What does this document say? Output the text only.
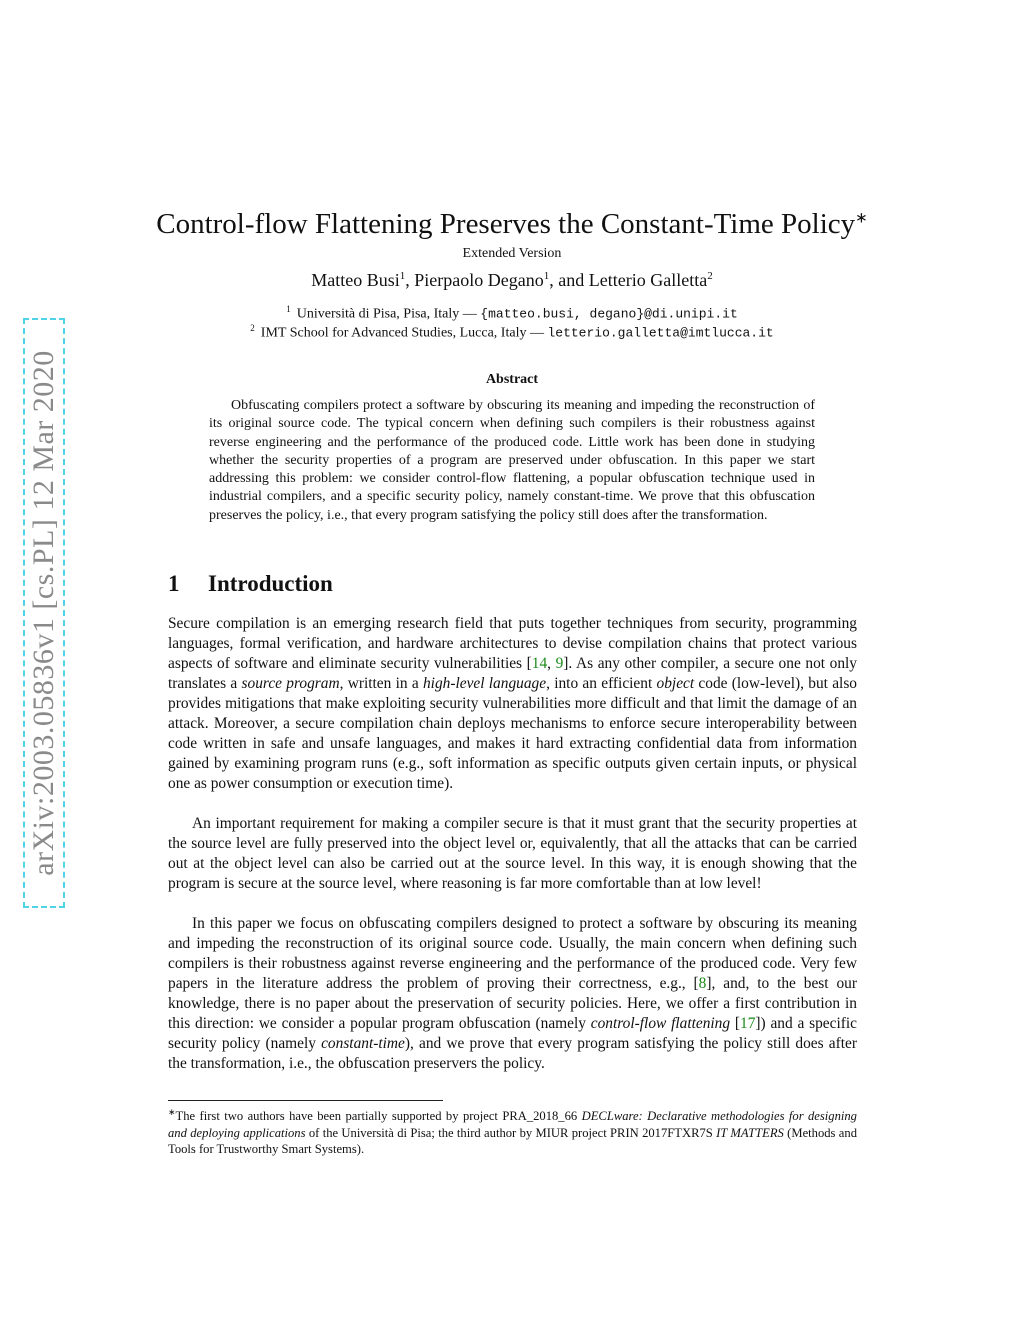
arXiv:2003.05836v1 [cs.PL] 12 Mar 2020
Control-flow Flattening Preserves the Constant-Time Policy∗
Extended Version
Matteo Busi$^1$, Pierpaolo Degano$^1$, and Letterio Galletta$^2$
$^1$ Università di Pisa, Pisa, Italy — {matteo.busi, degano}@di.unipi.it
$^2$ IMT School for Advanced Studies, Lucca, Italy — letterio.galletta@imtlucca.it
Abstract
Obfuscating compilers protect a software by obscuring its meaning and impeding the reconstruction of its original source code. The typical concern when defining such compilers is their robustness against reverse engineering and the performance of the produced code. Little work has been done in studying whether the security properties of a program are preserved under obfuscation. In this paper we start addressing this problem: we consider control-flow flattening, a popular obfuscation technique used in industrial compilers, and a specific security policy, namely constant-time. We prove that this obfuscation preserves the policy, i.e., that every program satisfying the policy still does after the transformation.
1 Introduction

Secure compilation is an emerging research field that puts together techniques from security, programming languages, formal verification, and hardware architectures to devise compilation chains that protect various aspects of software and eliminate security vulnerabilities [14, 9]. As any other compiler, a secure one not only translates a source program, written in a high-level language, into an efficient object code (low-level), but also provides mitigations that make exploiting security vulnerabilities more difficult and that limit the damage of an attack. Moreover, a secure compilation chain deploys mechanisms to enforce secure interoperability between code written in safe and unsafe languages, and makes it hard extracting confidential data from information gained by examining program runs (e.g., soft information as specific outputs given certain inputs, or physical one as power consumption or execution time).

An important requirement for making a compiler secure is that it must grant that the security properties at the source level are fully preserved into the object level or, equivalently, that all the attacks that can be carried out at the object level can also be carried out at the source level. In this way, it is enough showing that the program is secure at the source level, where reasoning is far more comfortable than at low level!

In this paper we focus on obfuscating compilers designed to protect a software by obscuring its meaning and impeding the reconstruction of its original source code. Usually, the main concern when defining such compilers is their robustness against reverse engineering and the performance of the produced code. Very few papers in the literature address the problem of proving their correctness, e.g., [8], and, to the best our knowledge, there is no paper about the preservation of security policies. Here, we offer a first contribution in this direction: we consider a popular program obfuscation (namely control-flow flattening [17]) and a specific security policy (namely constant-time), and we prove that every program satisfying the policy still does after the transformation, i.e., the obfuscation preservers the policy.

∗The first two authors have been partially supported by project PRA_2018_66 DECLware: Declarative methodologies for designing and deploying applications of the Università di Pisa; the third author by MIUR project PRIN 2017FTXR7S IT MATTERS (Methods and Tools for Trustworthy Smart Systems).
